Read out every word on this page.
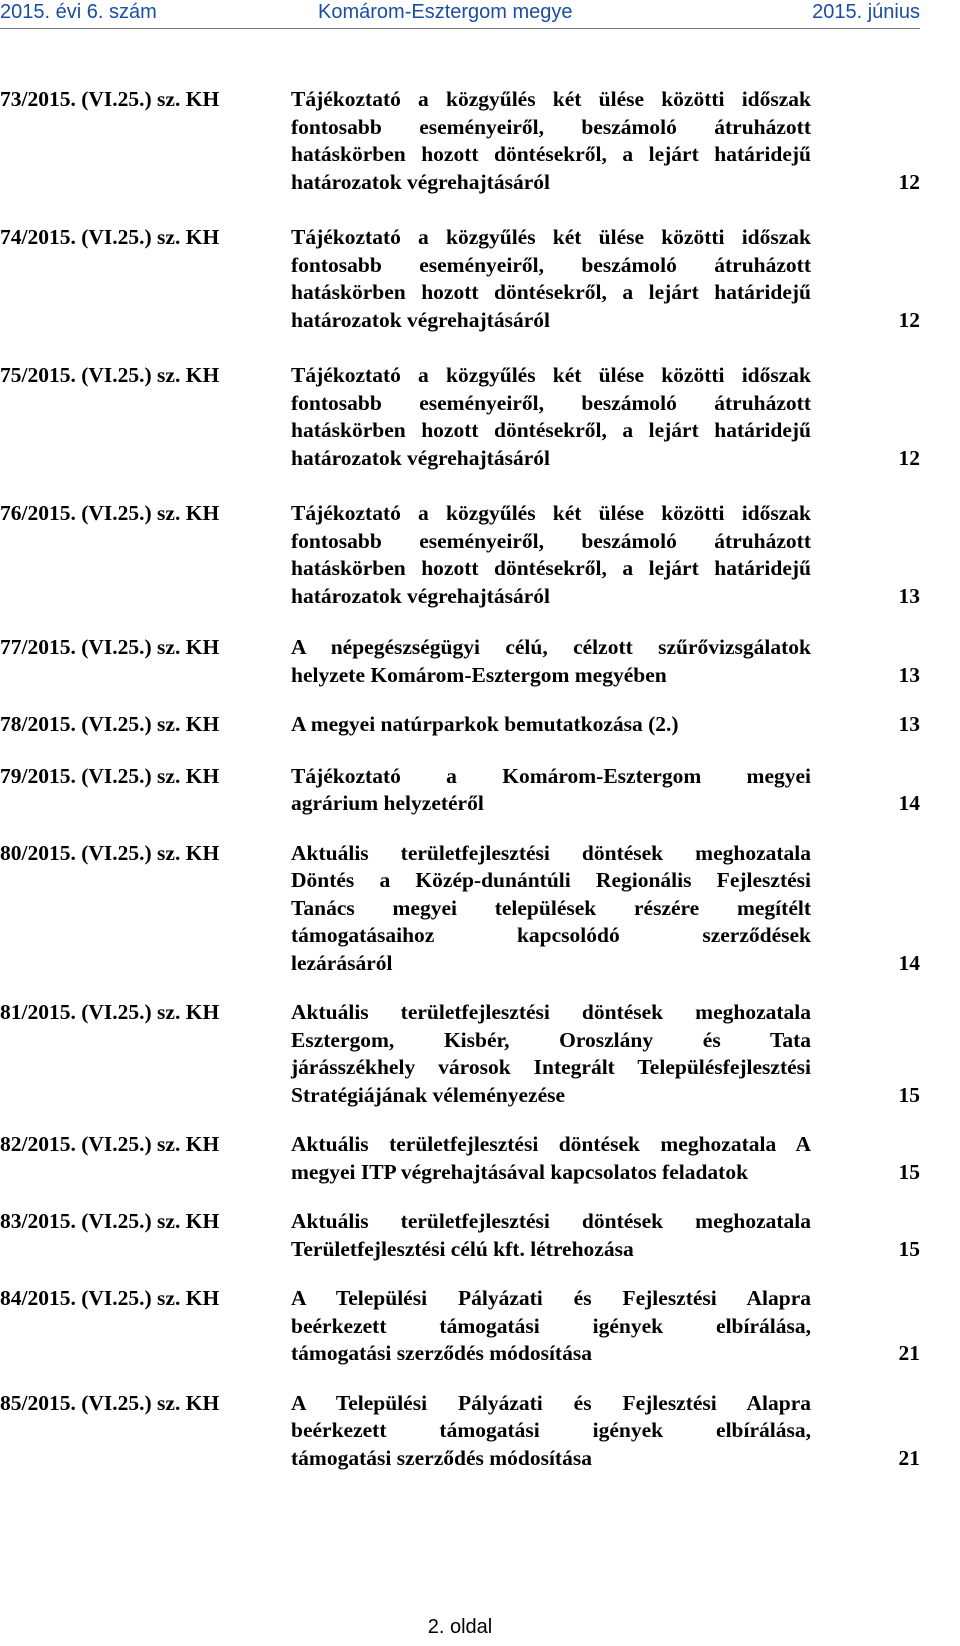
2015. évi 6. szám	Komárom-Esztergom megye	2015. június
73/2015. (VI.25.) sz. KH	Tájékoztató a közgyűlés két ülése közötti időszak
fontosabb eseményeiről, beszámoló átruházott
hatáskörben hozott döntésekről, a lejárt határidejű
határozatok végrehajtásáról	12
74/2015. (VI.25.) sz. KH	Tájékoztató a közgyűlés két ülése közötti időszak
fontosabb eseményeiről, beszámoló átruházott
hatáskörben hozott döntésekről, a lejárt határidejű
határozatok végrehajtásáról	12
75/2015. (VI.25.) sz. KH	Tájékoztató a közgyűlés két ülése közötti időszak
fontosabb eseményeiről, beszámoló átruházott
hatáskörben hozott döntésekről, a lejárt határidejű
határozatok végrehajtásáról	12
76/2015. (VI.25.) sz. KH	Tájékoztató a közgyűlés két ülése közötti időszak
fontosabb eseményeiről, beszámoló átruházott
hatáskörben hozott döntésekről, a lejárt határidejű
határozatok végrehajtásáról	13
77/2015. (VI.25.) sz. KH	A népegészségügyi célú, célzott szűrővizsgálatok
helyzete Komárom-Esztergom megyében	13
78/2015. (VI.25.) sz. KH	A megyei natúrparkok bemutatkozása (2.)	13
79/2015. (VI.25.) sz. KH	Tájékoztató a Komárom-Esztergom megyei
agrárium helyzetéről	14
80/2015. (VI.25.) sz. KH	Aktuális területfejlesztési döntések meghozatala
Döntés a Közép-dunántúli Regionális Fejlesztési
Tanács megyei települések részére megítélt
támogatásaihoz kapcsolódó szerződések
lezárásáról	14
81/2015. (VI.25.) sz. KH	Aktuális területfejlesztési döntések meghozatala
Esztergom, Kisbér, Oroszlány és Tata
járásszékhely városok Integrált Településfejlesztési
Stratégiájának véleményezése	15
82/2015. (VI.25.) sz. KH	Aktuális területfejlesztési döntések meghozatala A
megyei ITP végrehajtásával kapcsolatos feladatok	15
83/2015. (VI.25.) sz. KH	Aktuális területfejlesztési döntések meghozatala
Területfejlesztési célú kft. létrehozása	15
84/2015. (VI.25.) sz. KH	A Települési Pályázati és Fejlesztési Alapra
beérkezett támogatási igények elbírálása,
támogatási szerződés módosítása	21
85/2015. (VI.25.) sz. KH	A Települési Pályázati és Fejlesztési Alapra
beérkezett támogatási igények elbírálása,
támogatási szerződés módosítása	21
2. oldal
